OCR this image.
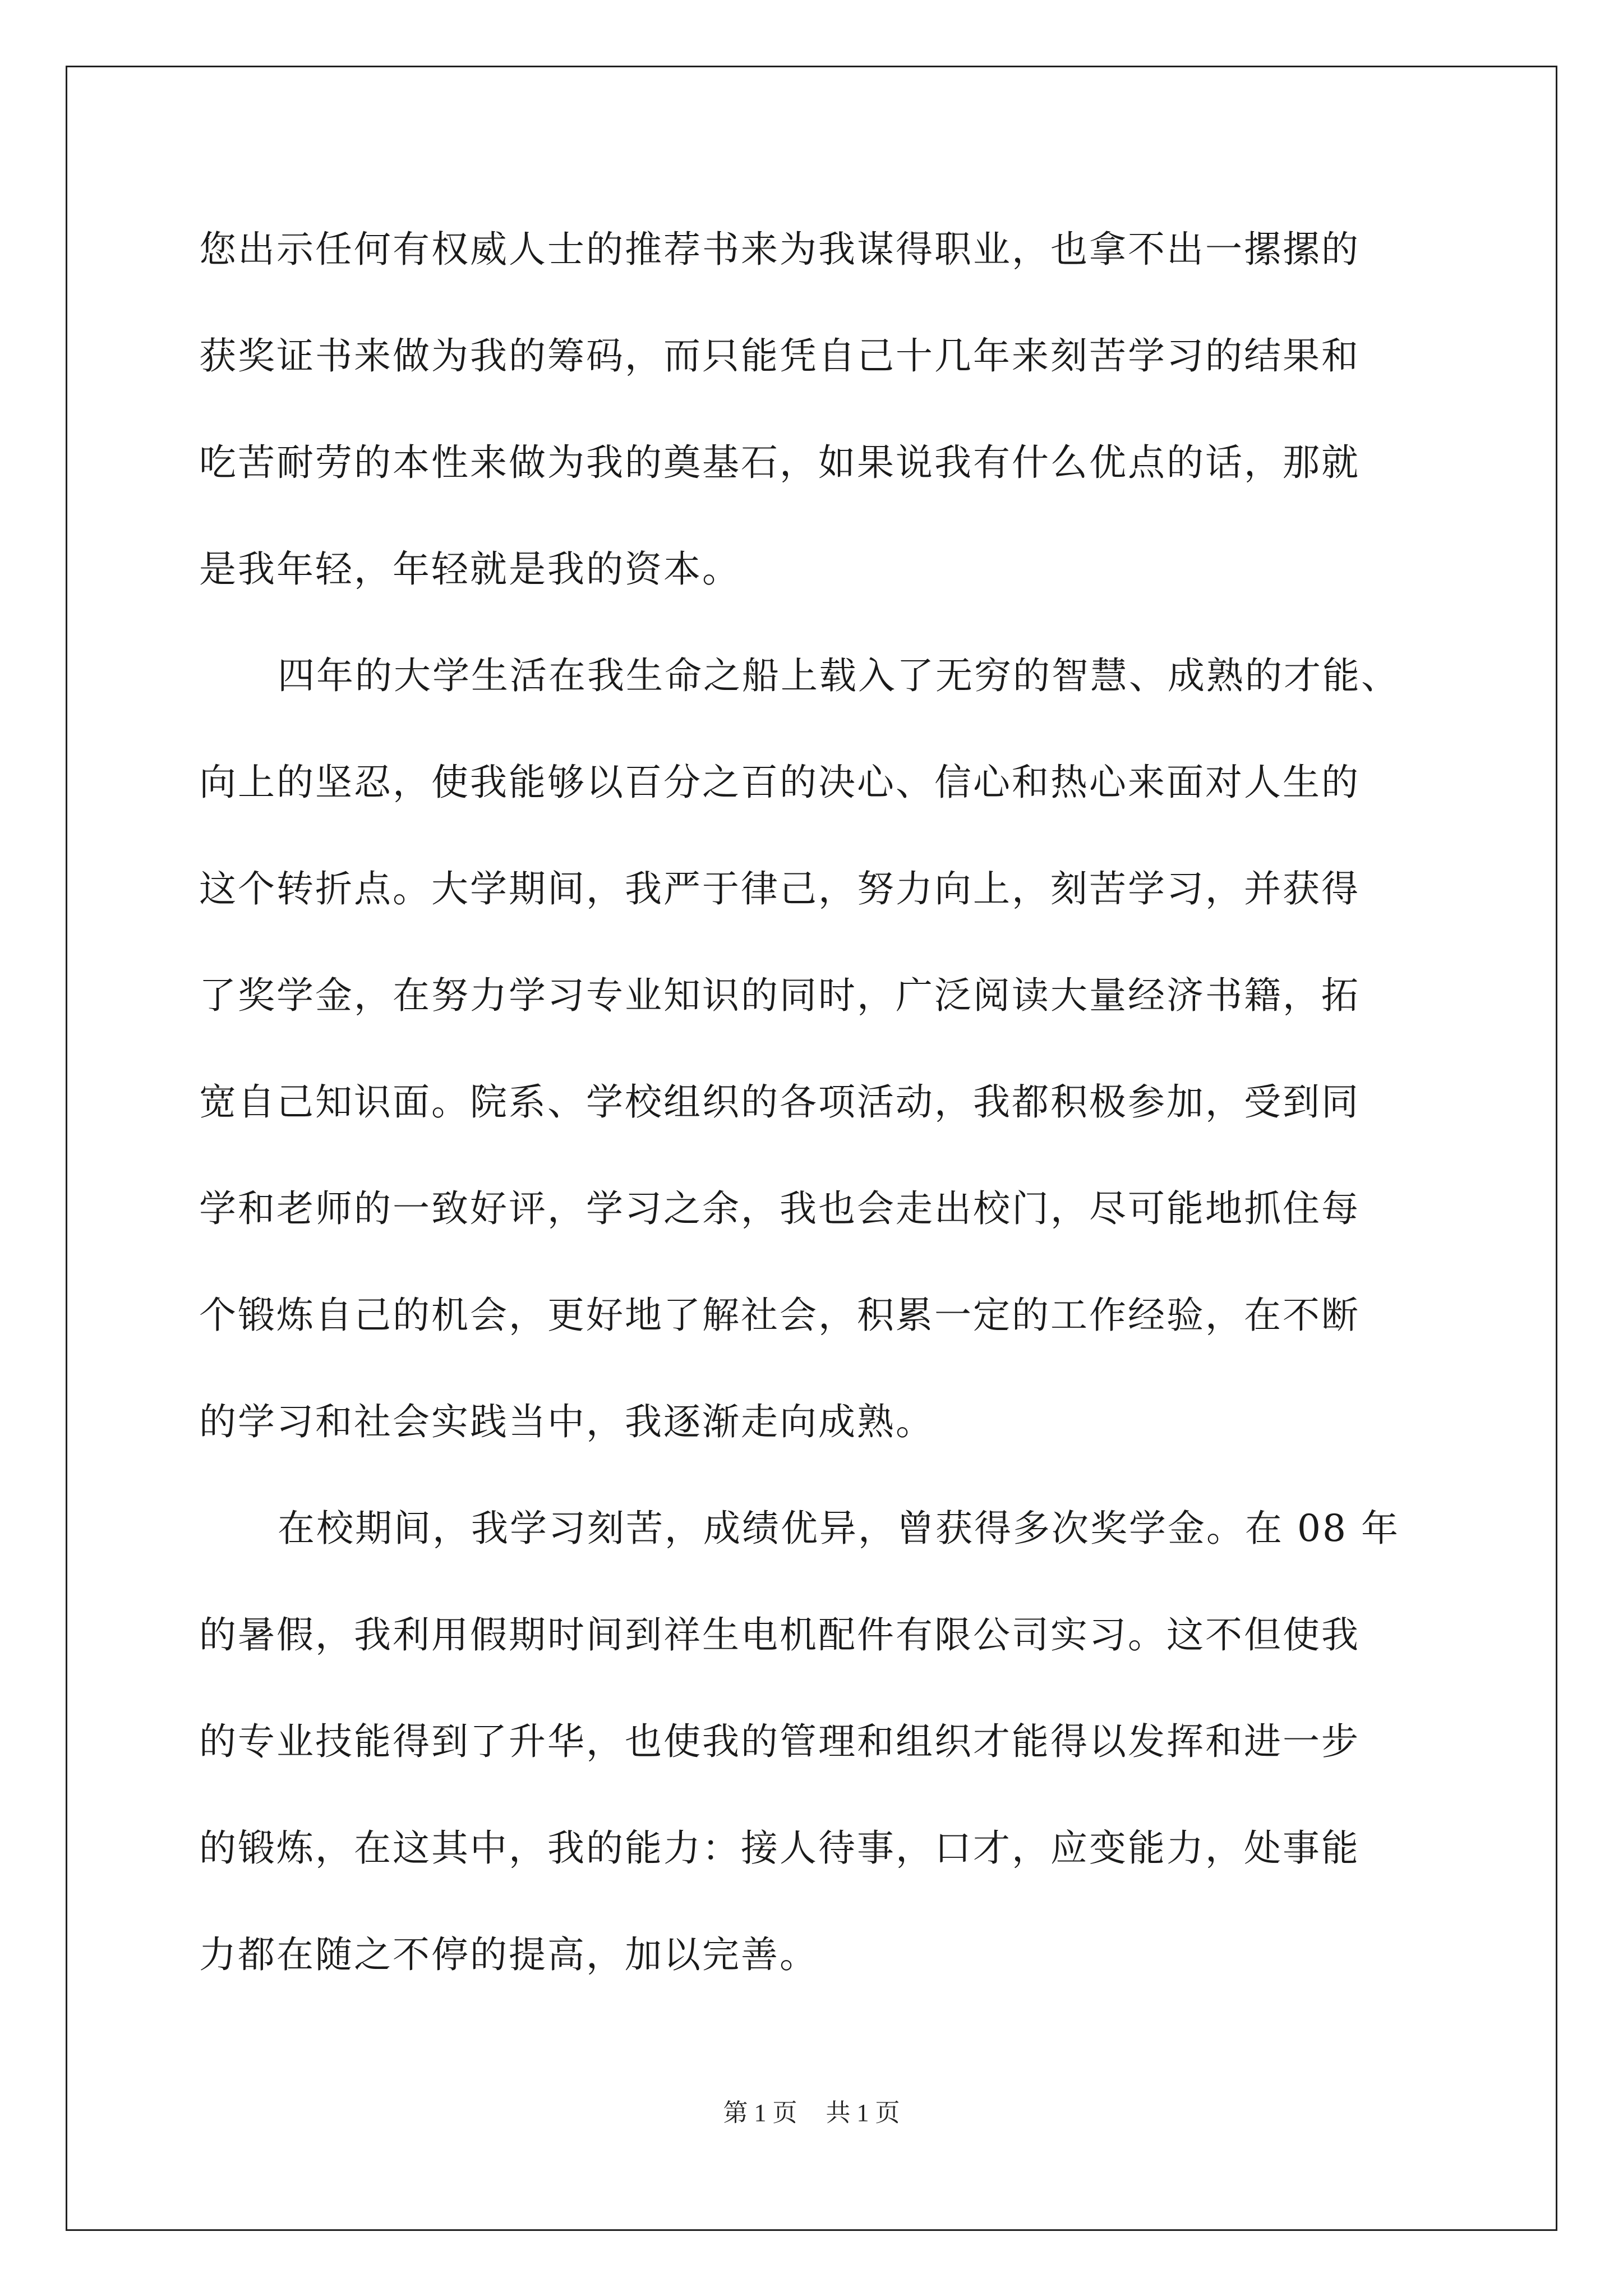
您出示任何有权威人士的推荐书来为我谋得职业，也拿不出一摞摞的
获奖证书来做为我的筹码，而只能凭自己十几年来刻苦学习的结果和
吃苦耐劳的本性来做为我的奠基石，如果说我有什么优点的话，那就
是我年轻，年轻就是我的资本。
四年的大学生活在我生命之船上载入了无穷的智慧、成熟的才能、
向上的坚忍，使我能够以百分之百的决心、信心和热心来面对人生的
这个转折点。大学期间，我严于律己，努力向上，刻苦学习，并获得
了奖学金，在努力学习专业知识的同时，广泛阅读大量经济书籍，拓
宽自己知识面。院系、学校组织的各项活动，我都积极参加，受到同
学和老师的一致好评，学习之余，我也会走出校门，尽可能地抓住每
个锻炼自己的机会，更好地了解社会，积累一定的工作经验，在不断
的学习和社会实践当中，我逐渐走向成熟。
在校期间，我学习刻苦，成绩优异，曾获得多次奖学金。在 08 年
的暑假，我利用假期时间到祥生电机配件有限公司实习。这不但使我
的专业技能得到了升华，也使我的管理和组织才能得以发挥和进一步
的锻炼，在这其中，我的能力：接人待事，口才，应变能力，处事能
力都在随之不停的提高，加以完善。
第 1 页 共 1 页
